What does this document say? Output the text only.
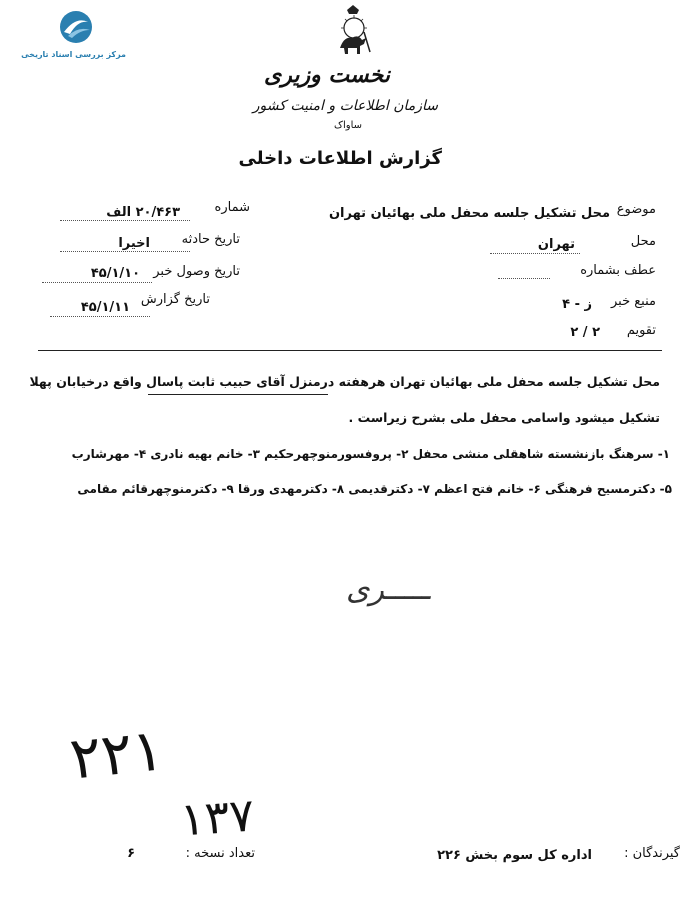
مرکز بررسی اسناد تاریخی
نخست وزیری
سازمان اطلاعات و امنیت کشور
ساواک
گزارش اطلاعات داخلی
شماره
۲۰/۴۶۳ الف
تاریخ حادثه
اخیرا
تاریخ وصول خبر
۴۵/۱/۱۰
تاریخ گزارش
۴۵/۱/۱۱
موضوع
محل تشکیل جلسه محفل ملی بهائیان تهران
محل
تهران
عطف بشماره
منبع خبر
ز - ۴
تقویم
۲ / ۲
محل تشکیل جلسه محفل ملی بهائیان تهران هرهفته درمنزل آقای حبیب ثابت پاسال واقع درخیابان پهلا
تشکیل میشود واسامی محفل ملی بشرح زیراست .
۱- سرهنگ بازنشسته شاهقلی منشی محفل ۲- پروفسورمنوچهرحکیم ۳- خانم بهیه نادری ۴- مهرشارب
۵- دکترمسیح فرهنگی ۶- خانم فتح اعظم ۷- دکترقدیمی ۸- دکترمهدی ورقا ۹- دکترمنوچهرقائم مقامی
ـــــرى
۲۲۱
۱۳۷
تعداد نسخه :
۶	گیرندگان :
اداره کل سوم بخش ۲۲۶
